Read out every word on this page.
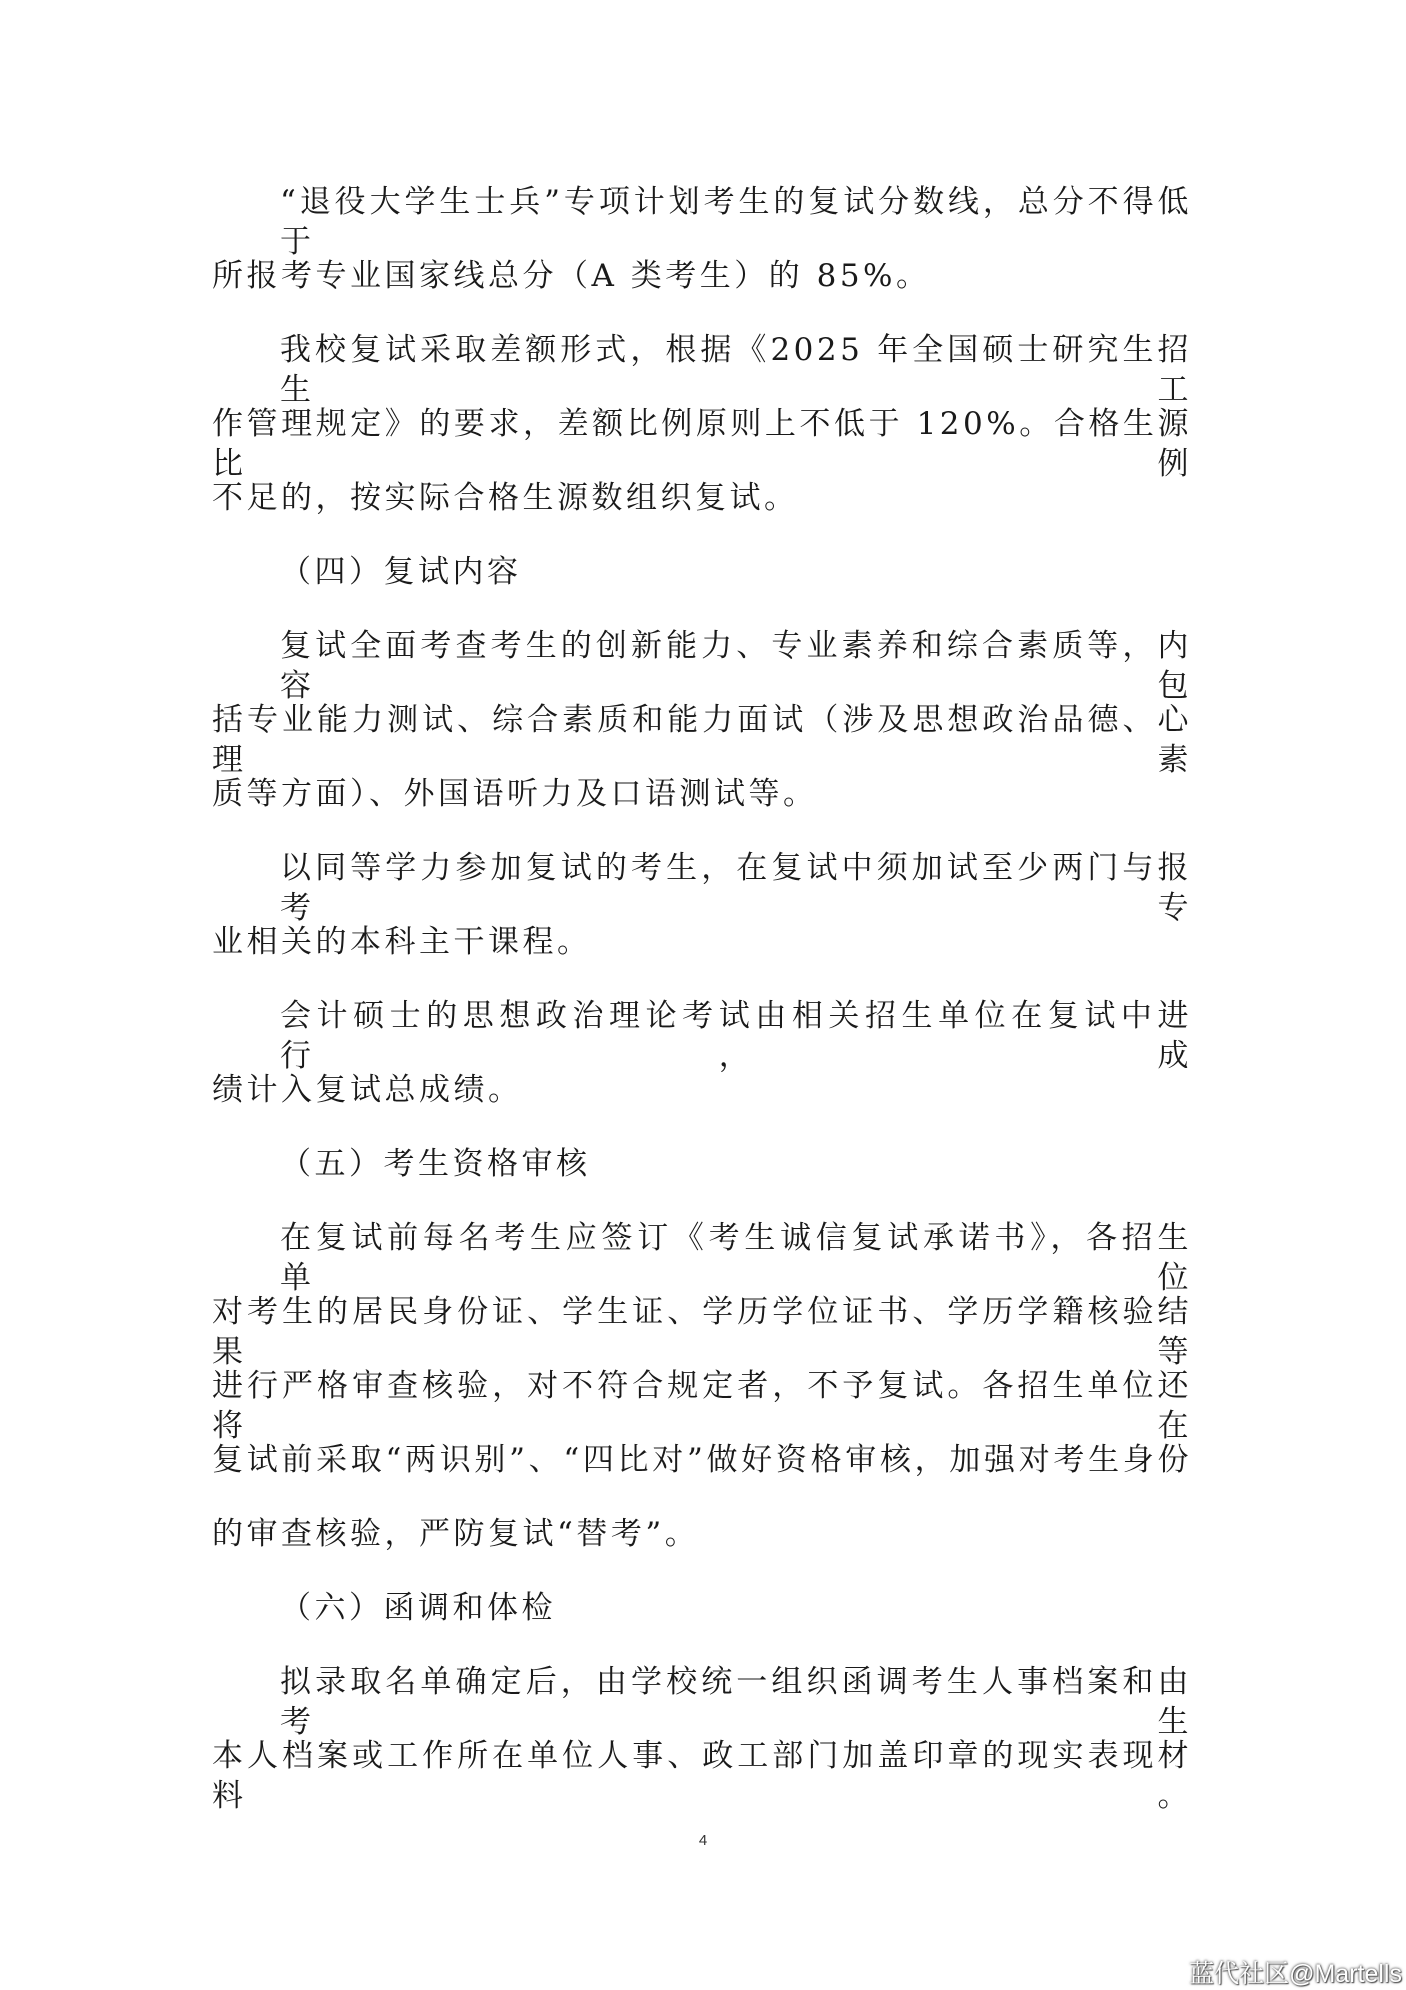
“退役大学生士兵”专项计划考生的复试分数线，总分不得低于
所报考专业国家线总分（A 类考生）的 85%。
我校复试采取差额形式，根据《2025 年全国硕士研究生招生工
作管理规定》的要求，差额比例原则上不低于 120%。合格生源比例
不足的，按实际合格生源数组织复试。
（四）复试内容
复试全面考查考生的创新能力、专业素养和综合素质等，内容包
括专业能力测试、综合素质和能力面试（涉及思想政治品德、心理素
质等方面）、外国语听力及口语测试等。
以同等学力参加复试的考生，在复试中须加试至少两门与报考专
业相关的本科主干课程。
会计硕士的思想政治理论考试由相关招生单位在复试中进行，成
绩计入复试总成绩。
（五）考生资格审核
在复试前每名考生应签订《考生诚信复试承诺书》，各招生单位
对考生的居民身份证、学生证、学历学位证书、学历学籍核验结果等
进行严格审查核验，对不符合规定者，不予复试。各招生单位还将在
复试前采取“两识别”、“四比对”做好资格审核，加强对考生身份
的审查核验，严防复试“替考”。
（六）函调和体检
拟录取名单确定后，由学校统一组织函调考生人事档案和由考生
本人档案或工作所在单位人事、政工部门加盖印章的现实表现材料。
4
蓝代社区@Martells
